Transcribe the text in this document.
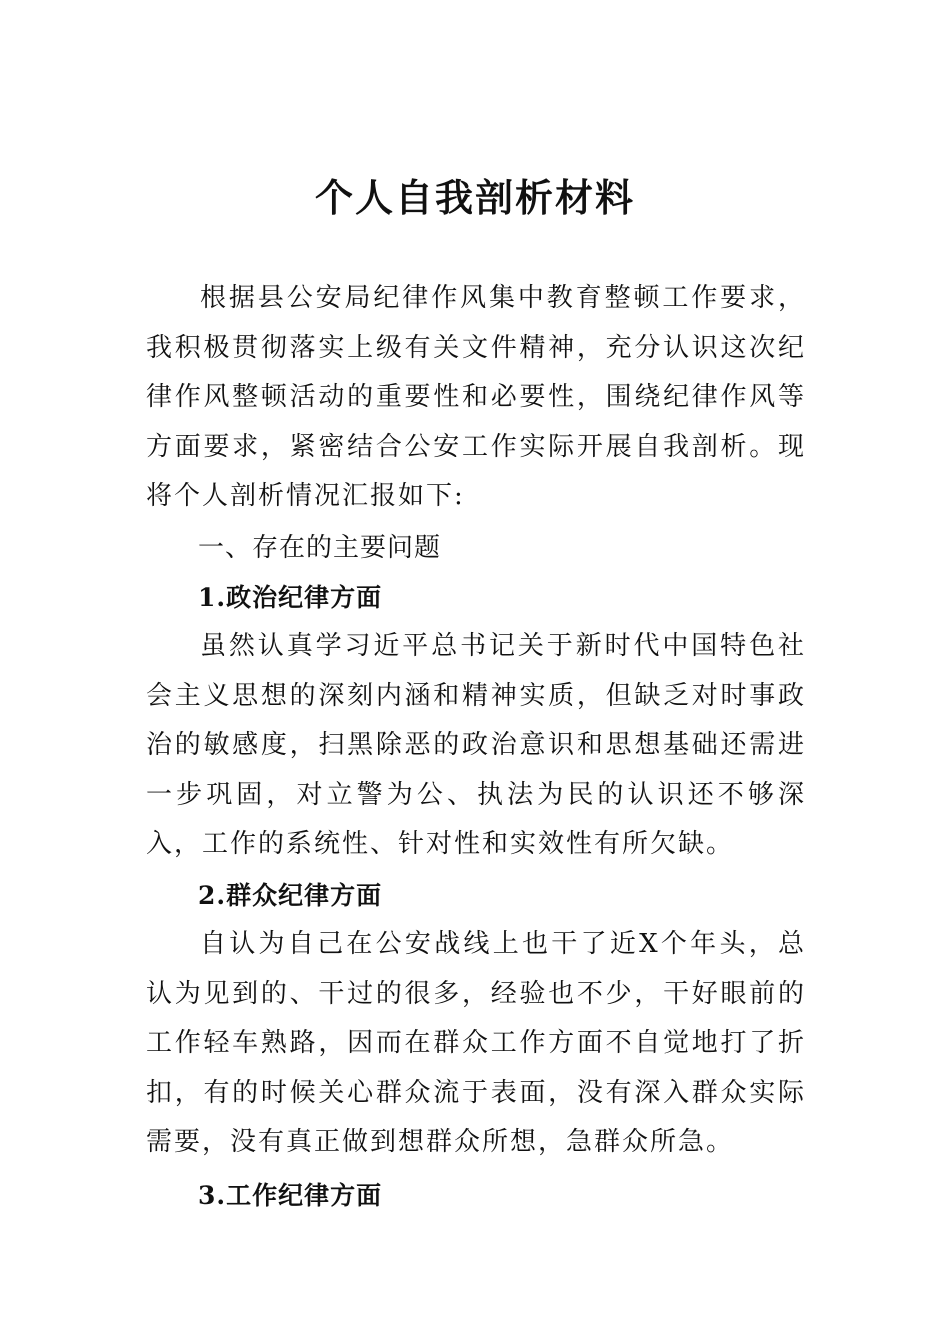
个人自我剖析材料
根据县公安局纪律作风集中教育整顿工作要求，我积极贯彻落实上级有关文件精神，充分认识这次纪律作风整顿活动的重要性和必要性，围绕纪律作风等方面要求，紧密结合公安工作实际开展自我剖析。现将个人剖析情况汇报如下:
一、存在的主要问题
1.政治纪律方面
虽然认真学习近平总书记关于新时代中国特色社会主义思想的深刻内涵和精神实质，但缺乏对时事政治的敏感度，扫黑除恶的政治意识和思想基础还需进一步巩固，对立警为公、执法为民的认识还不够深入，工作的系统性、针对性和实效性有所欠缺。
2.群众纪律方面
自认为自己在公安战线上也干了近X个年头，总认为见到的、干过的很多，经验也不少，干好眼前的工作轻车熟路，因而在群众工作方面不自觉地打了折扣，有的时候关心群众流于表面，没有深入群众实际需要，没有真正做到想群众所想，急群众所急。
3.工作纪律方面
